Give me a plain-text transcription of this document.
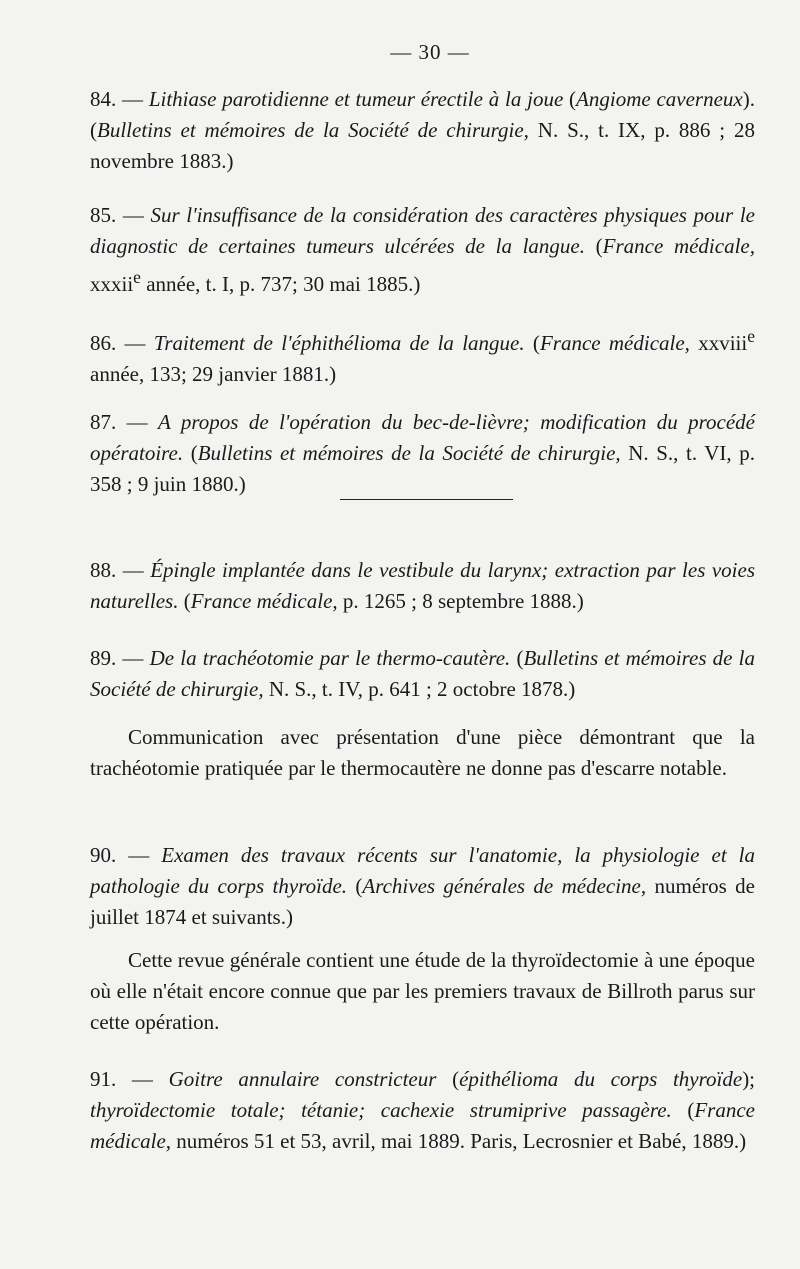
— 30 —
84. — Lithiase parotidienne et tumeur érectile à la joue (Angiome caverneux). (Bulletins et mémoires de la Société de chirurgie, N. S., t. IX, p. 886 ; 28 novembre 1883.)
85. — Sur l'insuffisance de la considération des caractères physiques pour le diagnostic de certaines tumeurs ulcérées de la langue. (France médicale, xxxii$^e$ année, t. I, p. 737; 30 mai 1885.)
86. — Traitement de l'éphithélioma de la langue. (France médicale, xxviii$^e$ année, 133; 29 janvier 1881.)
87. — A propos de l'opération du bec-de-lièvre; modification du procédé opératoire. (Bulletins et mémoires de la Société de chirurgie, N. S., t. VI, p. 358 ; 9 juin 1880.)
88. — Épingle implantée dans le vestibule du larynx; extraction par les voies naturelles. (France médicale, p. 1265 ; 8 septembre 1888.)
89. — De la trachéotomie par le thermo-cautère. (Bulletins et mémoires de la Société de chirurgie, N. S., t. IV, p. 641 ; 2 octobre 1878.)
Communication avec présentation d'une pièce démontrant que la trachéotomie pratiquée par le thermocautère ne donne pas d'escarre notable.
90. — Examen des travaux récents sur l'anatomie, la physiologie et la pathologie du corps thyroïde. (Archives générales de médecine, numéros de juillet 1874 et suivants.)
Cette revue générale contient une étude de la thyroïdectomie à une époque où elle n'était encore connue que par les premiers travaux de Billroth parus sur cette opération.
91. — Goitre annulaire constricteur (épithélioma du corps thyroïde); thyroïdectomie totale; tétanie; cachexie strumiprive passagère. (France médicale, numéros 51 et 53, avril, mai 1889. Paris, Lecrosnier et Babé, 1889.)
